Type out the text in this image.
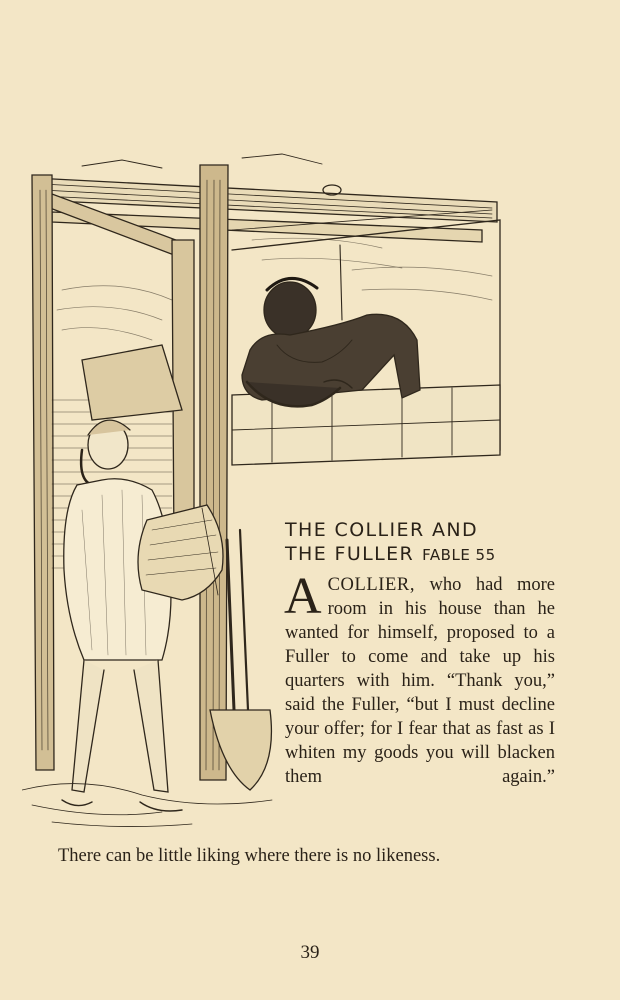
THE COLLIER AND
THE FULLER FABLE 55
A COLLIER, who had more room in his house than he wanted for himself, proposed to a Fuller to come and take up his quarters with him. “Thank you,” said the Fuller, “but I must decline your offer; for I fear that as fast as I whiten my goods you will blacken them again.”

There can be little liking where there is no likeness.
39
